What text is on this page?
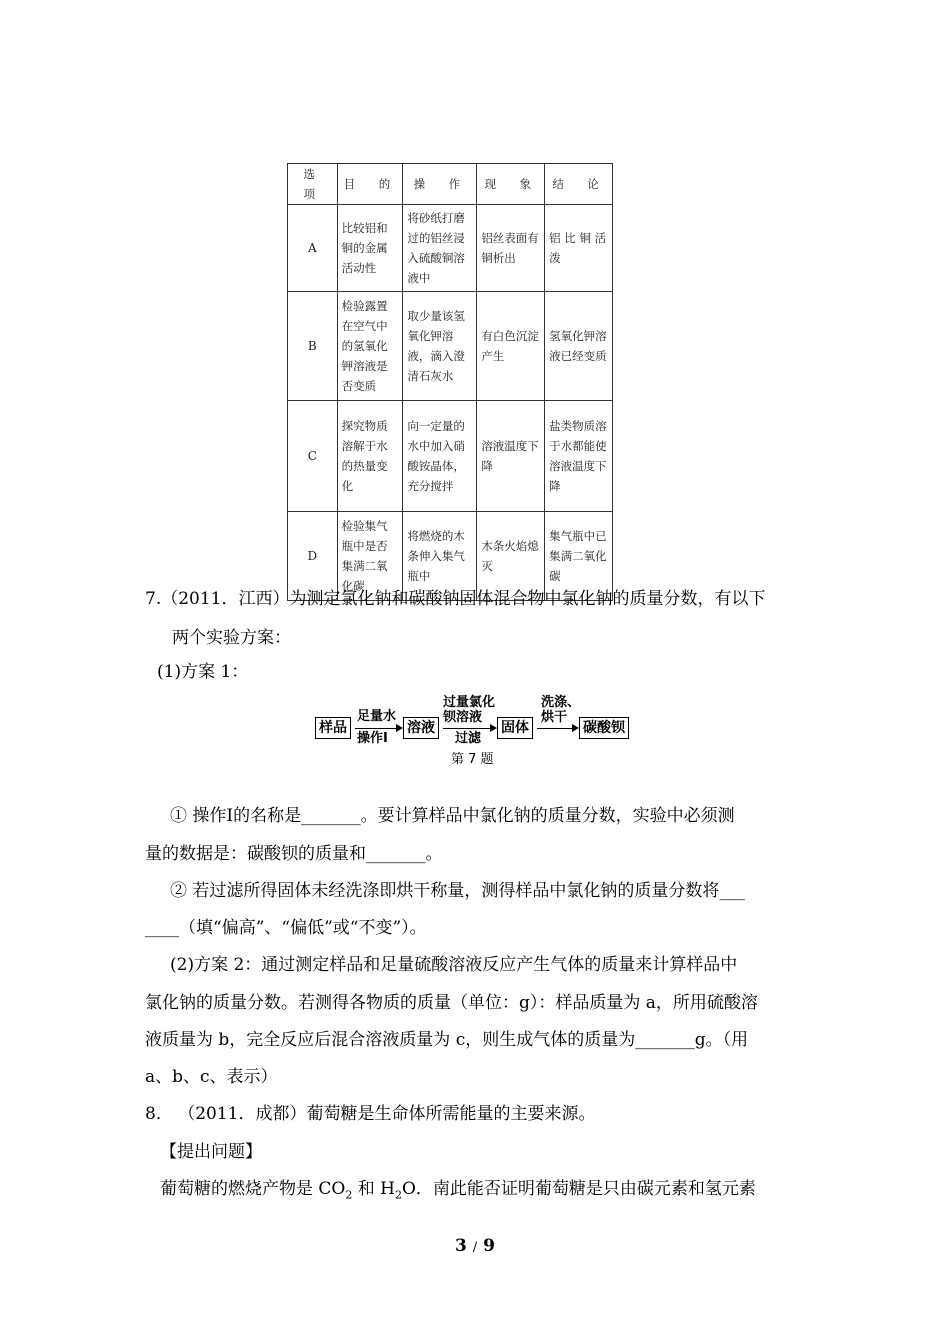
选　项	目　的	操　作	现　象	结　论
A	比较铝和铜的金属活动性	将砂纸打磨过的铝丝浸入硫酸铜溶液中	铝丝表面有铜析出	铝 比 铜 活泼
B	检验露置在空气中的氢氧化钾溶液是否变质	取少量该氢氧化钾溶液，滴入澄清石灰水	有白色沉淀产生	氢氧化钾溶液已经变质
C	探究物质溶解于水的热量变化	向一定量的水中加入硝酸铵晶体，充分搅拌	溶液温度下降	盐类物质溶于水都能使溶液温度下降
D	检验集气瓶中是否集满二氧化碳	将燃烧的木条伸入集气瓶中	木条火焰熄灭	集气瓶中已集满二氧化碳
7.（2011．江西）为测定氯化钠和碳酸钠固体混合物中氯化钠的质量分数，有以下
两个实验方案：
(1)方案 1：
样品
足量水
操作Ⅰ
溶液
过量氯化
钡溶液
过滤
固体
洗涤、
烘干
碳酸钡
第 7 题
① 操作Ⅰ的名称是_______。要计算样品中氯化钠的质量分数，实验中必须测
量的数据是：碳酸钡的质量和_______。
② 若过滤所得固体未经洗涤即烘干称量，测得样品中氯化钠的质量分数将___
____（填“偏高”、“偏低”或“不变”）。
(2)方案 2：通过测定样品和足量硫酸溶液反应产生气体的质量来计算样品中
氯化钠的质量分数。若测得各物质的质量（单位：g）：样品质量为 a，所用硫酸溶
液质量为 b，完全反应后混合溶液质量为 c，则生成气体的质量为_______g。（用
a、b、c、表示）
8． （2011．成都）葡萄糖是生命体所需能量的主要来源。
【提出问题】
葡萄糖的燃烧产物是 $CO_2$ 和 $H_2O$．南此能否证明葡萄糖是只由碳元素和氢元素
3 / 9
